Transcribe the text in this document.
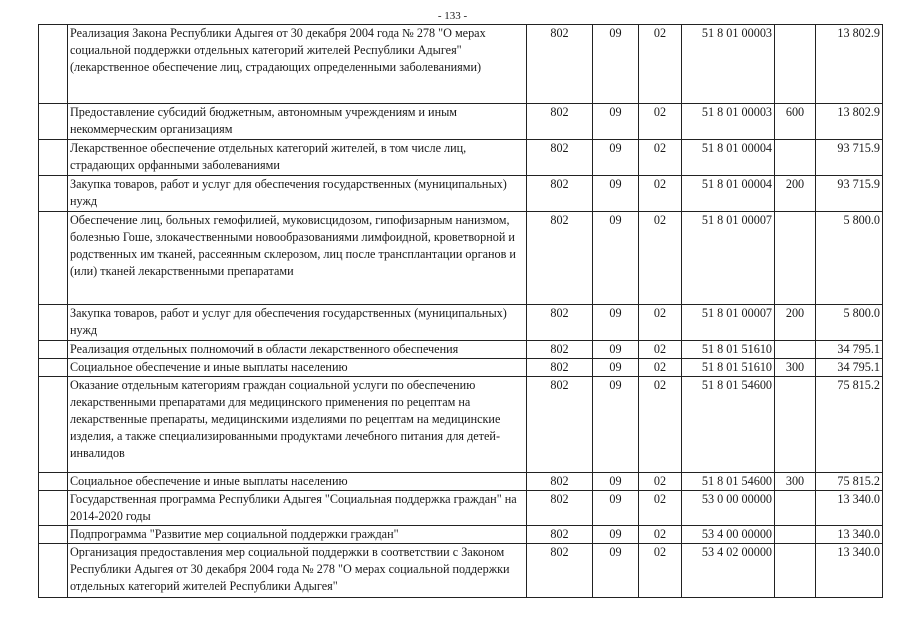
- 133 -
	Реализация Закона Республики Адыгея от 30 декабря 2004 года № 278 "О мерах социальной поддержки отдельных категорий жителей Республики Адыгея" (лекарственное обеспечение лиц, страдающих определенными заболеваниями)	802	09	02	51 8 01 00003		13 802.9
	Предоставление субсидий бюджетным, автономным учреждениям и иным некоммерческим организациям	802	09	02	51 8 01 00003	600	13 802.9
	Лекарственное обеспечение отдельных категорий жителей, в том числе лиц, страдающих орфанными заболеваниями	802	09	02	51 8 01 00004		93 715.9
	Закупка товаров, работ и услуг для обеспечения государственных (муниципальных) нужд	802	09	02	51 8 01 00004	200	93 715.9
	Обеспечение лиц, больных гемофилией, муковисцидозом, гипофизарным нанизмом, болезнью Гоше, злокачественными новообразованиями лимфоидной, кроветворной и родственных им тканей, рассеянным склерозом, лиц после трансплантации органов и (или) тканей лекарственными препаратами	802	09	02	51 8 01 00007		5 800.0
	Закупка товаров, работ и услуг для обеспечения государственных (муниципальных) нужд	802	09	02	51 8 01 00007	200	5 800.0
	Реализация отдельных полномочий в области лекарственного обеспечения	802	09	02	51 8 01 51610		34 795.1
	Социальное обеспечение и иные выплаты населению	802	09	02	51 8 01 51610	300	34 795.1
	Оказание отдельным категориям граждан социальной услуги по обеспечению лекарственными препаратами для медицинского применения по рецептам на лекарственные препараты, медицинскими изделиями по рецептам на медицинские изделия, а также специализированными продуктами лечебного питания для детей-инвалидов	802	09	02	51 8 01 54600		75 815.2
	Социальное обеспечение и иные выплаты населению	802	09	02	51 8 01 54600	300	75 815.2
	Государственная программа Республики Адыгея "Социальная поддержка граждан" на 2014-2020 годы	802	09	02	53 0 00 00000		13 340.0
	Подпрограмма "Развитие мер социальной поддержки граждан"	802	09	02	53 4 00 00000		13 340.0
	Организация предоставления мер социальной поддержки в соответствии с Законом Республики Адыгея от 30 декабря 2004 года № 278 "О мерах социальной поддержки отдельных категорий жителей Республики Адыгея"	802	09	02	53 4 02 00000		13 340.0
